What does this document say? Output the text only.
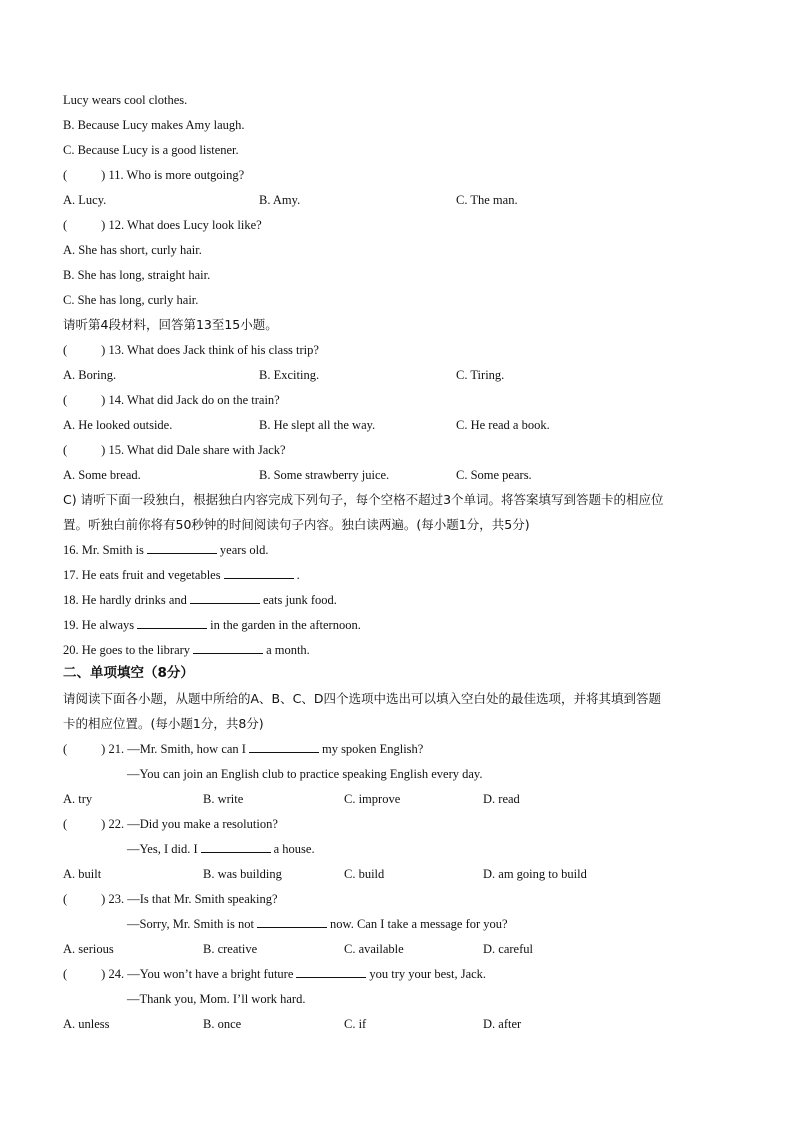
Lucy wears cool clothes.
B. Because Lucy makes Amy laugh.
C. Because Lucy is a good listener.
(	) 11. Who is more outgoing?
A. Lucy.	B. Amy.	C. The man.
(	) 12. What does Lucy look like?
A. She has short, curly hair.
B. She has long, straight hair.
C. She has long, curly hair.
请听第4段材料，回答第13至15小题。
(	) 13. What does Jack think of his class trip?
A. Boring.	B. Exciting.	C. Tiring.
(	) 14. What did Jack do on the train?
A. He looked outside.	B. He slept all the way.	C. He read a book.
(	) 15. What did Dale share with Jack?
A. Some bread.	B. Some strawberry juice.	C. Some pears.
C) 请听下面一段独白，根据独白内容完成下列句子，每个空格不超过3个单词。将答案填写到答题卡的相应位
置。听独白前你将有50秒钟的时间阅读句子内容。独白读两遍。(每小题1分，共5分)
16. Mr. Smith is	years old.
17. He eats fruit and vegetables	.
18. He hardly drinks and	eats junk food.
19. He always	in the garden in the afternoon.
20. He goes to the library	a month.
二、单项填空（8分）
请阅读下面各小题，从题中所给的A、B、C、D四个选项中选出可以填入空白处的最佳选项，并将其填到答题
卡的相应位置。(每小题1分，共8分)
(	) 21. —Mr. Smith, how can I	my spoken English?
—You can join an English club to practice speaking English every day.
A. try	B. write	C. improve	D. read
(	) 22. —Did you make a resolution?
—Yes, I did. I	a house.
A. built	B. was building	C. build	D. am going to build
(	) 23. —Is that Mr. Smith speaking?
—Sorry, Mr. Smith is not	now. Can I take a message for you?
A. serious	B. creative	C. available	D. careful
(	) 24. —You won’t have a bright future	you try your best, Jack.
—Thank you, Mom. I’ll work hard.
A. unless	B. once	C. if	D. after
